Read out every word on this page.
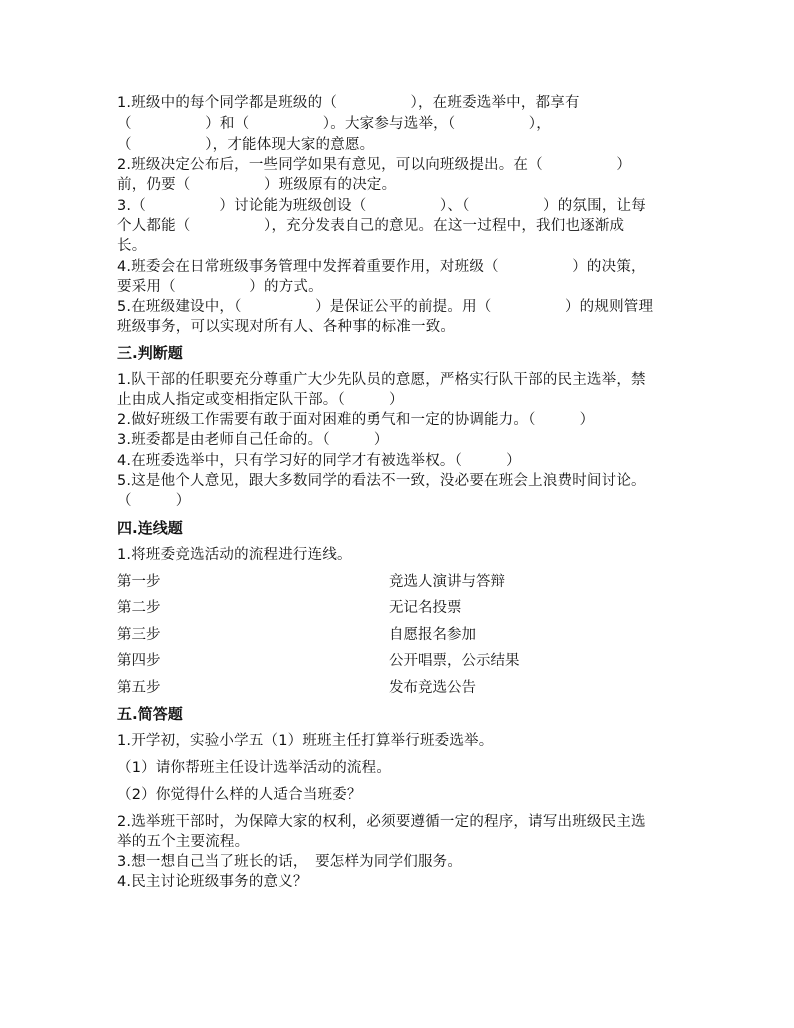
1.班级中的每个同学都是班级的（　　　　　），在班委选举中，都享有
（　　　　　）和（　　　　　）。大家参与选举，（　　　　　），
（　　　　　），才能体现大家的意愿。
2.班级决定公布后，一些同学如果有意见，可以向班级提出。在（　　　　　）
前，仍要（　　　　　）班级原有的决定。
3.（　　　　　）讨论能为班级创设（　　　　　）、（　　　　　）的氛围，让每
个人都能（　　　　　），充分发表自己的意见。在这一过程中，我们也逐渐成
长。
4.班委会在日常班级事务管理中发挥着重要作用，对班级（　　　　　）的决策，
要采用（　　　　　）的方式。
5.在班级建设中，（　　　　　）是保证公平的前提。用（　　　　　）的规则管理
班级事务，可以实现对所有人、各种事的标准一致。
三.判断题
1.队干部的任职要充分尊重广大少先队员的意愿，严格实行队干部的民主选举，禁
止由成人指定或变相指定队干部。（　　　）
2.做好班级工作需要有敢于面对困难的勇气和一定的协调能力。（　　　）
3.班委都是由老师自己任命的。（　　　）
4.在班委选举中，只有学习好的同学才有被选举权。（　　　）
5.这是他个人意见，跟大多数同学的看法不一致，没必要在班会上浪费时间讨论。
（　　　）
四.连线题
1.将班委竞选活动的流程进行连线。
第一步	竞选人演讲与答辩
第二步	无记名投票
第三步	自愿报名参加
第四步	公开唱票，公示结果
第五步	发布竞选公告
五.简答题
1.开学初，实验小学五（1）班班主任打算举行班委选举。
（1）请你帮班主任设计选举活动的流程。
（2）你觉得什么样的人适合当班委？
2.选举班干部时，为保障大家的权利，必须要遵循一定的程序，请写出班级民主选
举的五个主要流程。
3.想一想自己当了班长的话，　要怎样为同学们服务。
4.民主讨论班级事务的意义？
